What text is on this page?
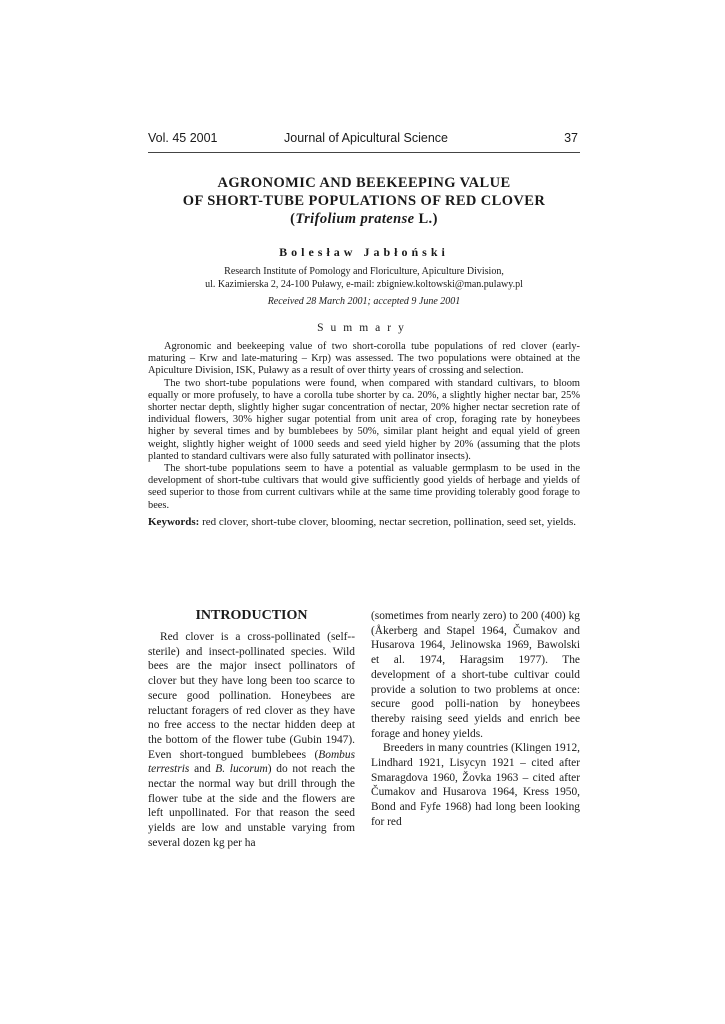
Vol. 45 2001	Journal of Apicultural Science	37
AGRONOMIC AND BEEKEEPING VALUE
OF SHORT-TUBE POPULATIONS OF RED CLOVER
(Trifolium pratense L.)
Bolesław Jabłoński
Research Institute of Pomology and Floriculture, Apiculture Division,
ul. Kazimierska 2, 24-100 Puławy, e-mail: zbigniew.koltowski@man.pulawy.pl
Received 28 March 2001; accepted 9 June 2001
Summary

Agronomic and beekeeping value of two short-corolla tube populations of red clover (early-maturing – Krw and late-maturing – Krp) was assessed. The two populations were obtained at the Apiculture Division, ISK, Puławy as a result of over thirty years of crossing and selection.

The two short-tube populations were found, when compared with standard cultivars, to bloom equally or more profusely, to have a corolla tube shorter by ca. 20%, a slightly higher nectar bar, 25% shorter nectar depth, slightly higher sugar concentration of nectar, 20% higher nectar secretion rate of individual flowers, 30% higher sugar potential from unit area of crop, foraging rate by honeybees higher by several times and by bumblebees by 50%, similar plant height and equal yield of green weight, slightly higher weight of 1000 seeds and seed yield higher by 20% (assuming that the plots planted to standard cultivars were also fully saturated with pollinator insects).

The short-tube populations seem to have a potential as valuable germplasm to be used in the development of short-tube cultivars that would give sufficiently good yields of herbage and yields of seed superior to those from current cultivars while at the same time providing tolerably good forage to bees.

Keywords: red clover, short-tube clover, blooming, nectar secretion, pollination, seed set, yields.
INTRODUCTION

Red clover is a cross-pollinated (self--sterile) and insect-pollinated species. Wild bees are the major insect pollinators of clover but they have long been too scarce to secure good pollination. Honeybees are reluctant foragers of red clover as they have no free access to the nectar hidden deep at the bottom of the flower tube (Gubin 1947). Even short-tongued bumblebees (Bombus terrestris and B. lucorum) do not reach the nectar the normal way but drill through the flower tube at the side and the flowers are left unpollinated. For that reason the seed yields are low and unstable varying from several dozen kg per ha

(sometimes from nearly zero) to 200 (400) kg (Åkerberg and Stapel 1964, Čumakov and Husarova 1964, Jelinowska 1969, Bawolski et al. 1974, Haragsim 1977). The development of a short-tube cultivar could provide a solution to two problems at once: secure good polli-nation by honeybees thereby raising seed yields and enrich bee forage and honey yields.

Breeders in many countries (Klingen 1912, Lindhard 1921, Lisycyn 1921 – cited after Smaragdova 1960, Žovka 1963 – cited after Čumakov and Husarova 1964, Kress 1950, Bond and Fyfe 1968) had long been looking for red
